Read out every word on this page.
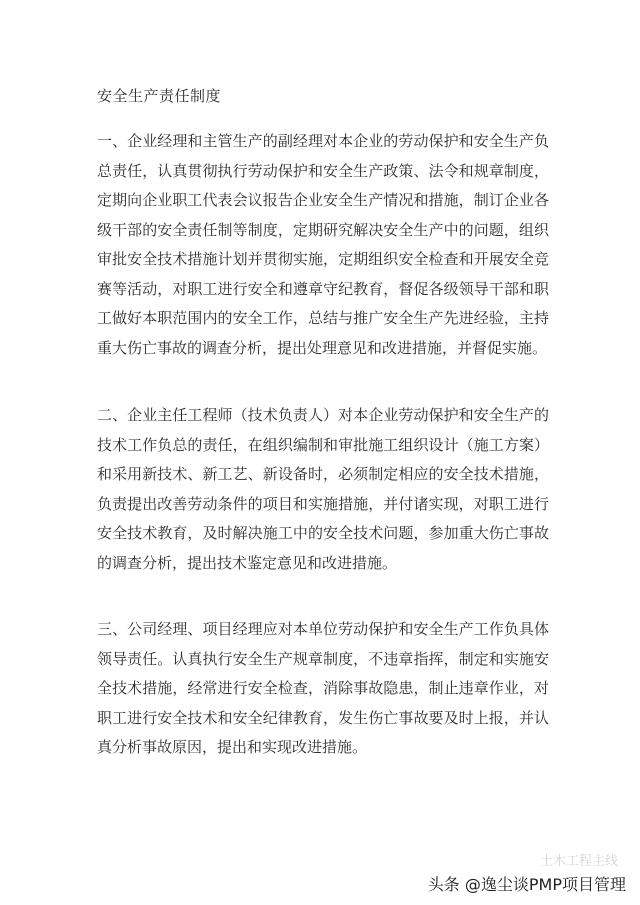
安全生产责任制度

一、企业经理和主管生产的副经理对本企业的劳动保护和安全生产负
总责任，认真贯彻执行劳动保护和安全生产政策、法令和规章制度，
定期向企业职工代表会议报告企业安全生产情况和措施，制订企业各
级干部的安全责任制等制度，定期研究解决安全生产中的问题，组织
审批安全技术措施计划并贯彻实施，定期组织安全检查和开展安全竞
赛等活动，对职工进行安全和遵章守纪教育，督促各级领导干部和职
工做好本职范围内的安全工作，总结与推广安全生产先进经验，主持
重大伤亡事故的调查分析，提出处理意见和改进措施，并督促实施。

二、企业主任工程师（技术负责人）对本企业劳动保护和安全生产的
技术工作负总的责任，在组织编制和审批施工组织设计（施工方案）
和采用新技术、新工艺、新设备时，必须制定相应的安全技术措施，
负责提出改善劳动条件的项目和实施措施，并付诸实现，对职工进行
安全技术教育，及时解决施工中的安全技术问题，参加重大伤亡事故
的调查分析，提出技术鉴定意见和改进措施。

三、公司经理、项目经理应对本单位劳动保护和安全生产工作负具体
领导责任。认真执行安全生产规章制度，不违章指挥，制定和实施安
全技术措施，经常进行安全检查，消除事故隐患，制止违章作业，对
职工进行安全技术和安全纪律教育，发生伤亡事故要及时上报，并认
真分析事故原因，提出和实现改进措施。

土木工程主线
头条 @逸尘谈PMP项目管理
